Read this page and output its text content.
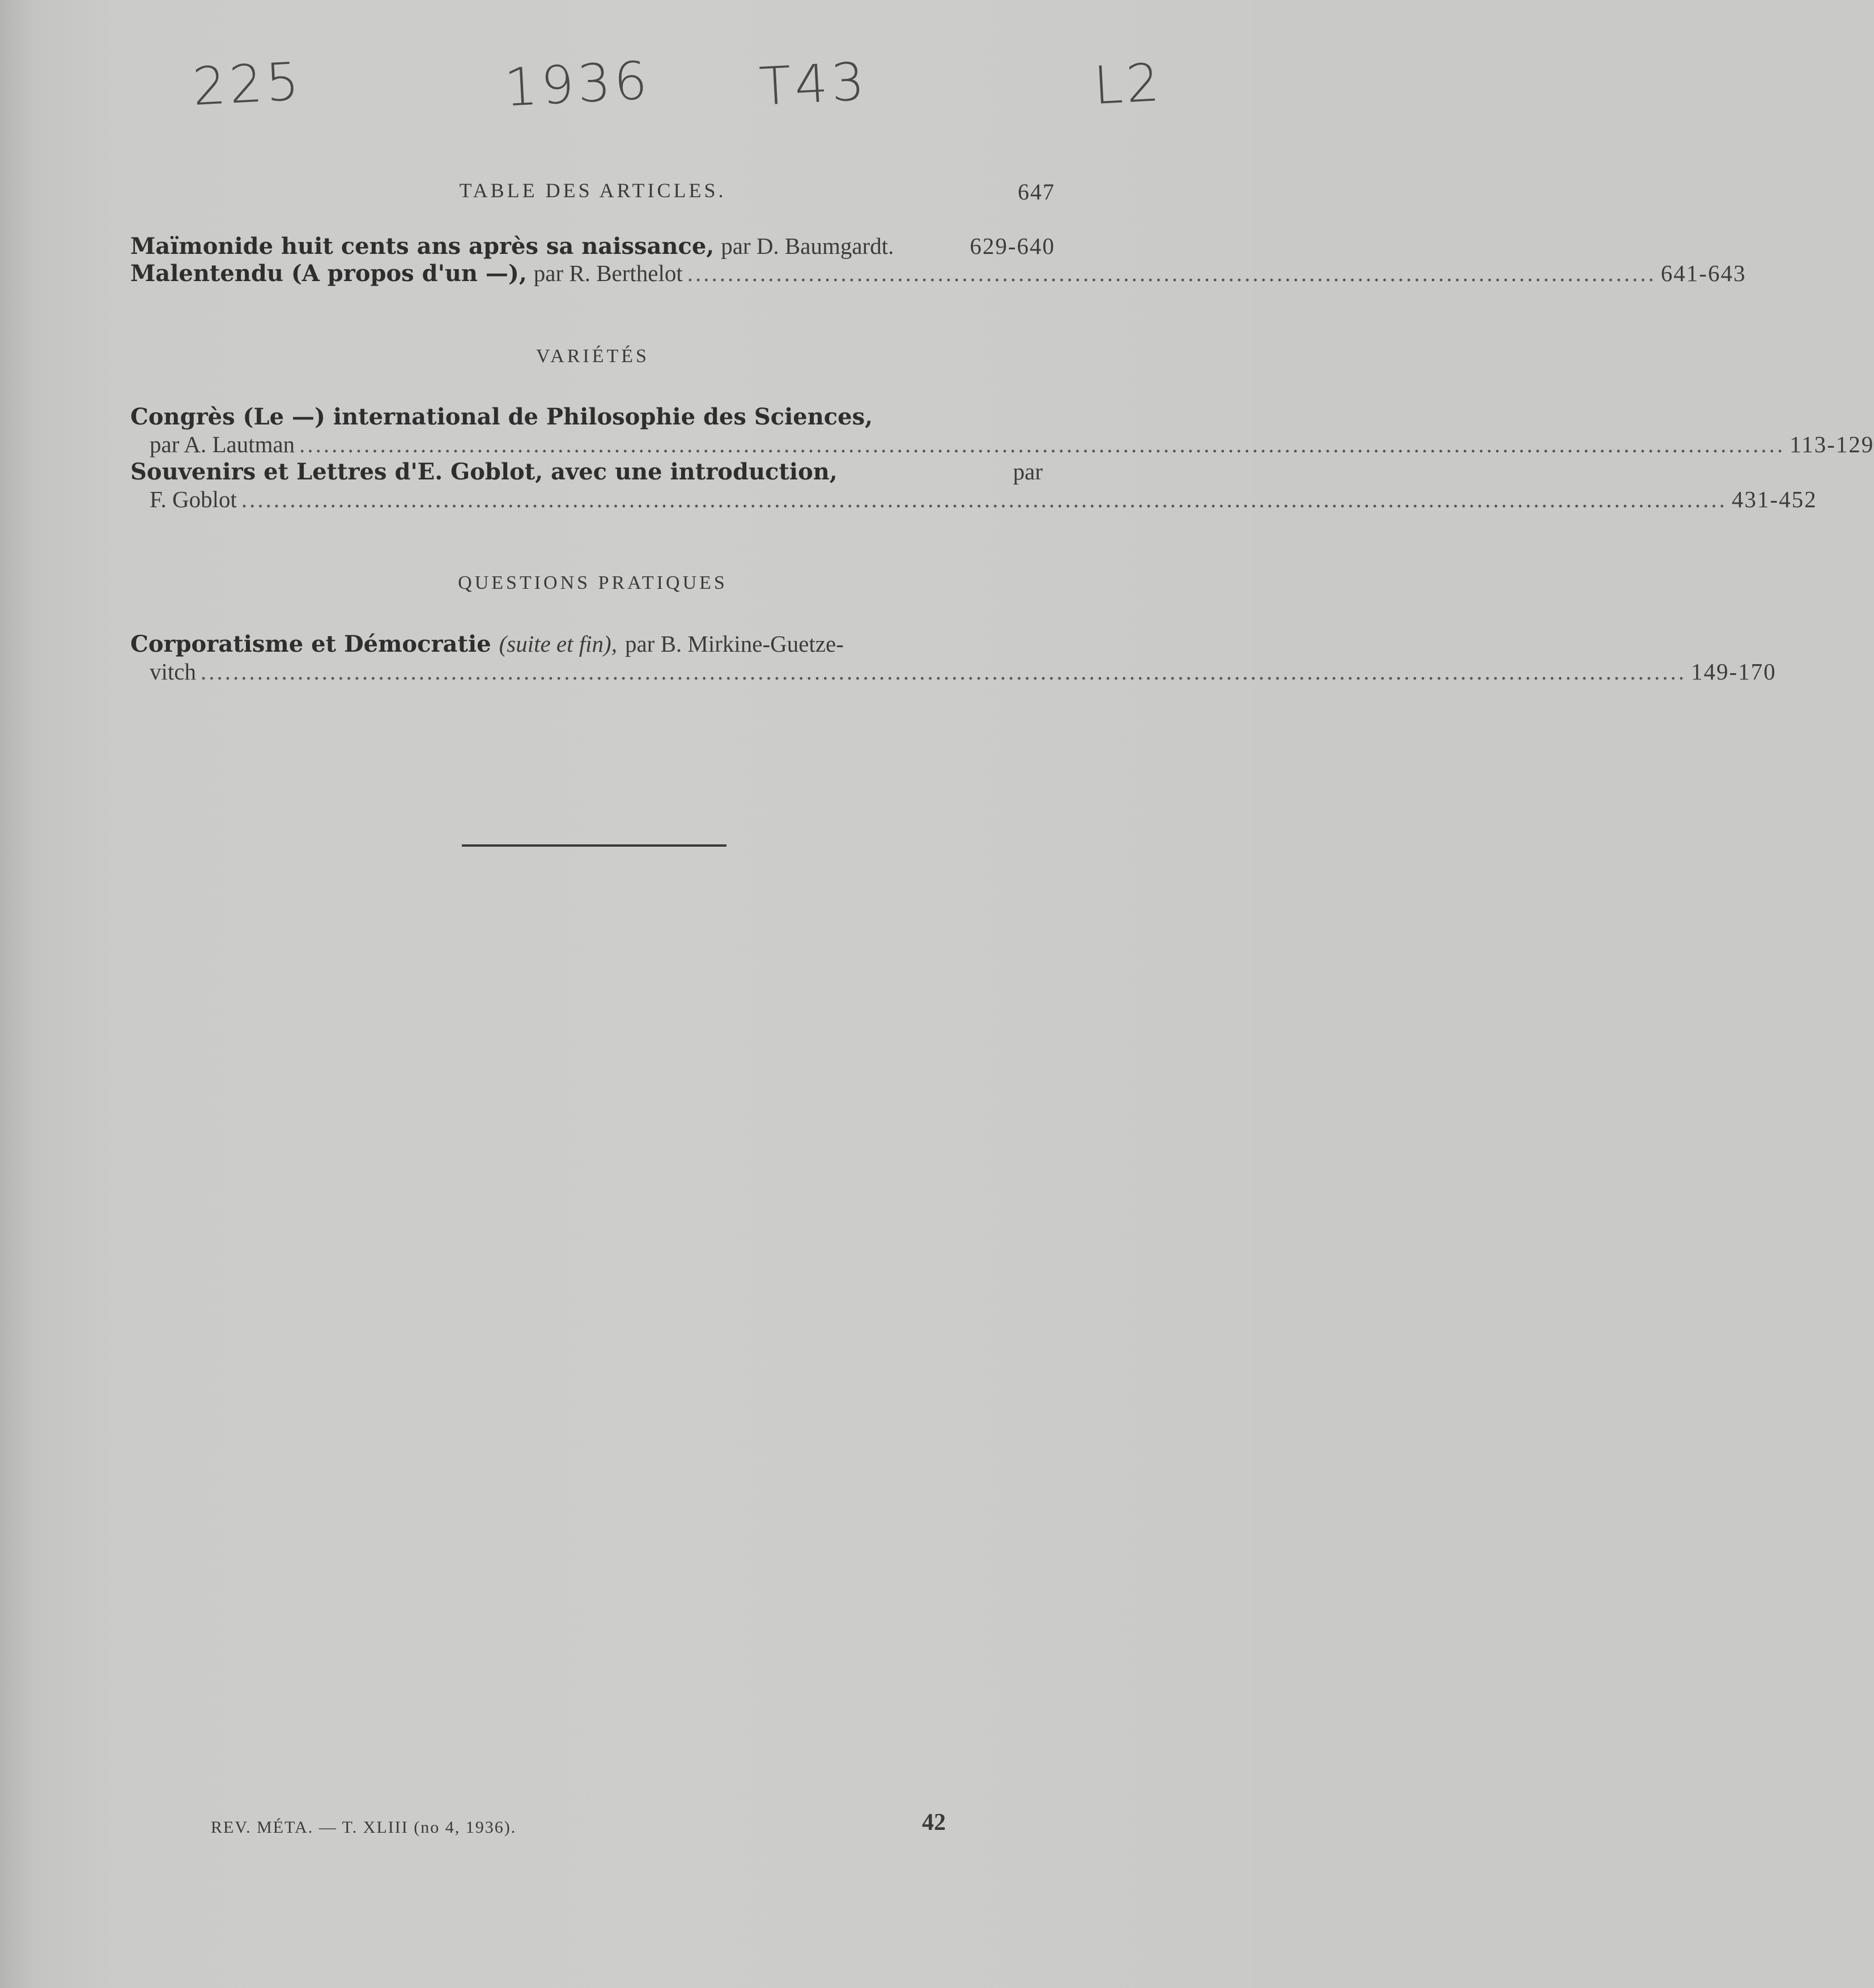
225	1936 T43	L2
TABLE DES ARTICLES.	647
Maïmonide huit cents ans après sa naissance, par D. Baumgardt.	629-640
Malentendu (A propos d'un —), par R. Berthelot ........................................................................................................................ 641-643
VARIÉTÉS
Congrès (Le —) international de Philosophie des Sciences,
par A. Lautman ........................................................................................................................................................................................ 113-129
Souvenirs et Lettres d'E. Goblot, avec une introduction,	par
F. Goblot ........................................................................................................................................................................................ 431-452
QUESTIONS PRATIQUES
Corporatisme et Démocratie (suite et fin), par B. Mirkine-Guetze-
vitch ........................................................................................................................................................................................ 149-170
REV. MÉTA. — T. XLIII (no 4, 1936).	42
